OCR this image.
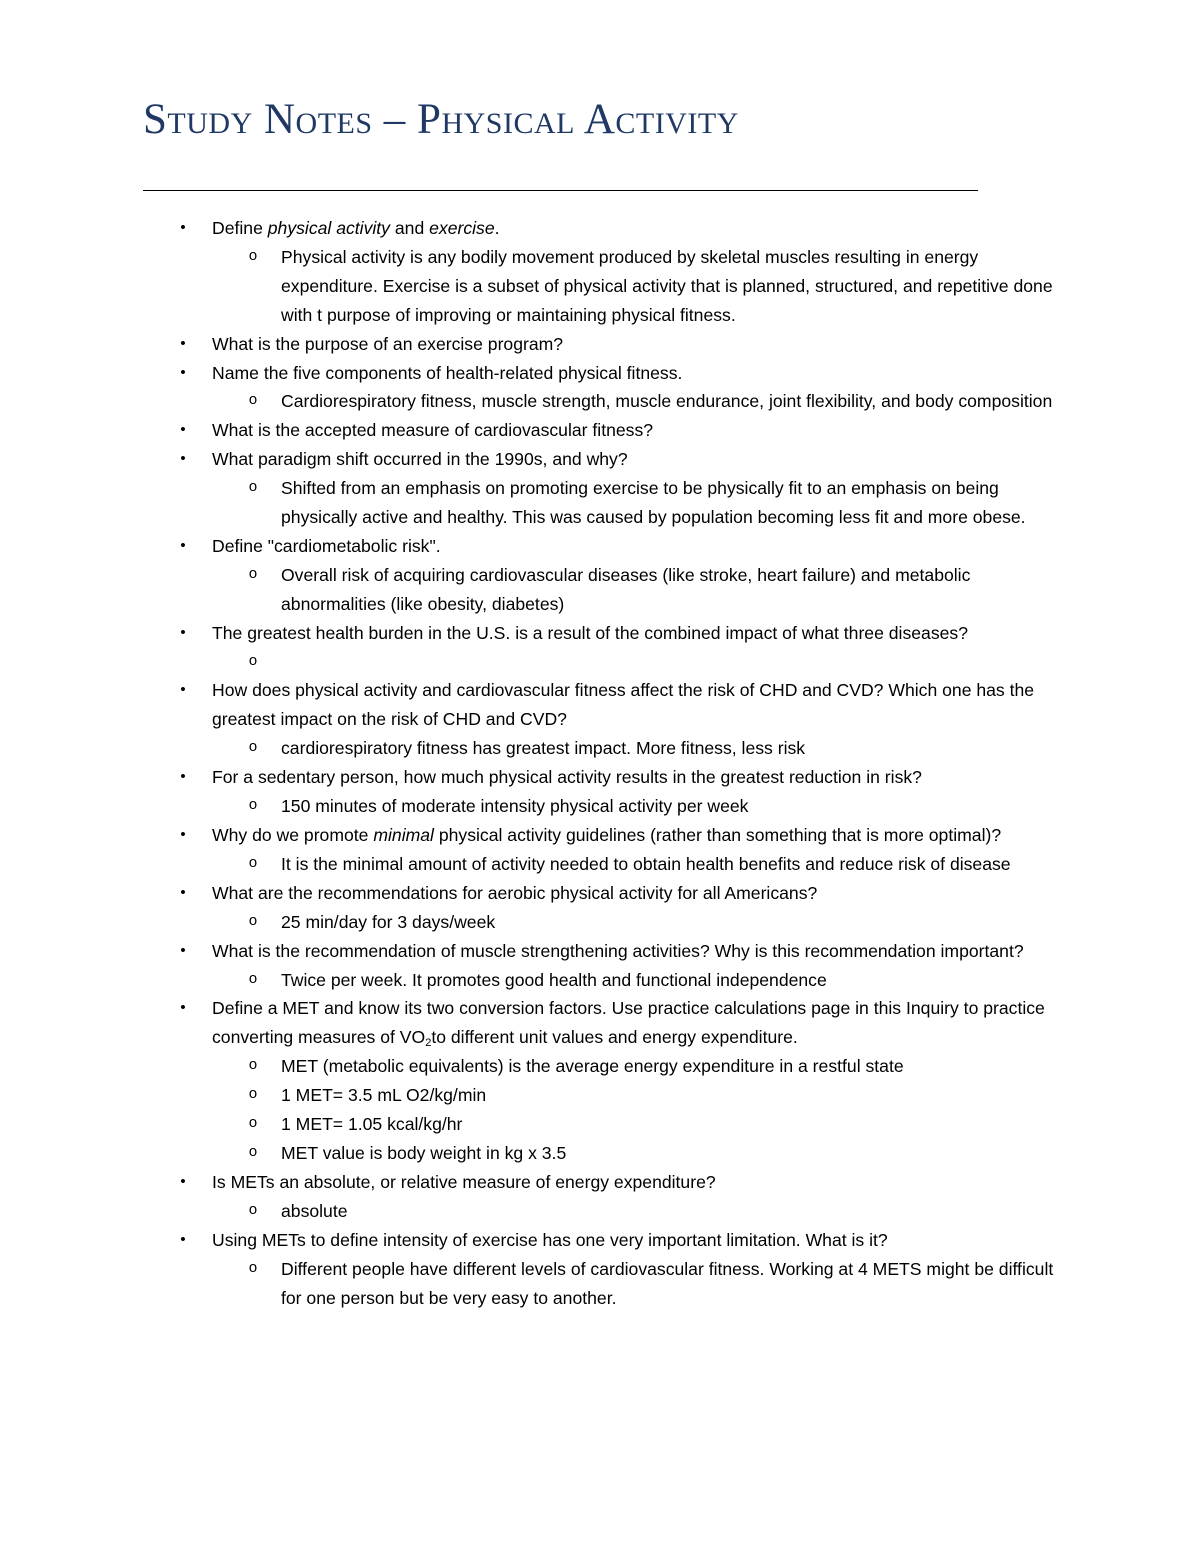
Study Notes – Physical Activity
• Define physical activity and exercise.
o Physical activity is any bodily movement produced by skeletal muscles resulting in energy expenditure. Exercise is a subset of physical activity that is planned, structured, and repetitive done with t purpose of improving or maintaining physical fitness.
• What is the purpose of an exercise program?
• Name the five components of health-related physical fitness.
o Cardiorespiratory fitness, muscle strength, muscle endurance, joint flexibility, and body composition
• What is the accepted measure of cardiovascular fitness?
• What paradigm shift occurred in the 1990s, and why?
o Shifted from an emphasis on promoting exercise to be physically fit to an emphasis on being physically active and healthy. This was caused by population becoming less fit and more obese.
• Define "cardiometabolic risk".
o Overall risk of acquiring cardiovascular diseases (like stroke, heart failure) and metabolic abnormalities (like obesity, diabetes)
• The greatest health burden in the U.S. is a result of the combined impact of what three diseases?
o
• How does physical activity and cardiovascular fitness affect the risk of CHD and CVD? Which one has the greatest impact on the risk of CHD and CVD?
o cardiorespiratory fitness has greatest impact. More fitness, less risk
• For a sedentary person, how much physical activity results in the greatest reduction in risk?
o 150 minutes of moderate intensity physical activity per week
• Why do we promote minimal physical activity guidelines (rather than something that is more optimal)?
o It is the minimal amount of activity needed to obtain health benefits and reduce risk of disease
• What are the recommendations for aerobic physical activity for all Americans?
o 25 min/day for 3 days/week
• What is the recommendation of muscle strengthening activities? Why is this recommendation important?
o Twice per week. It promotes good health and functional independence
• Define a MET and know its two conversion factors. Use practice calculations page in this Inquiry to practice converting measures of $VO_2to$ different unit values and energy expenditure.
o MET (metabolic equivalents) is the average energy expenditure in a restful state
o 1 MET= 3.5 mL O2/kg/min
o 1 MET= 1.05 kcal/kg/hr
o MET value is body weight in kg x 3.5
• Is METs an absolute, or relative measure of energy expenditure?
o absolute
• Using METs to define intensity of exercise has one very important limitation. What is it?
o Different people have different levels of cardiovascular fitness. Working at 4 METS might be difficult for one person but be very easy to another.
